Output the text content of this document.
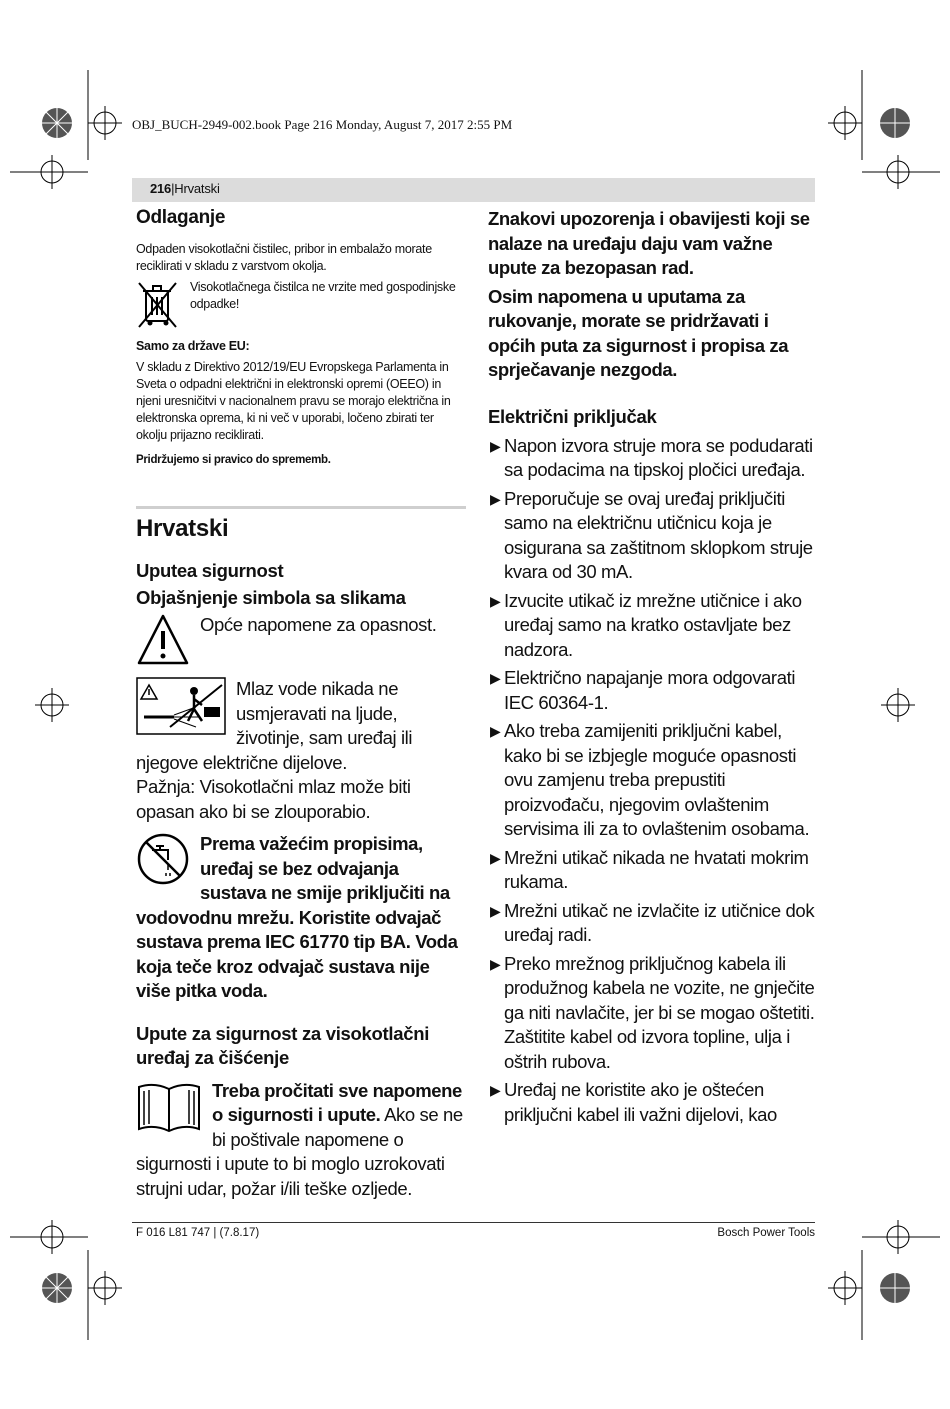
OBJ_BUCH-2949-002.book Page 216 Monday, August 7, 2017 2:55 PM
216|Hrvatski
Odlaganje

Odpaden visokotlačni čistilec, pribor in embalažo morate reciklirati v skladu z varstvom okolja.

Visokotlačnega čistilca ne vrzite med gospodinjske odpadke!

Samo za države EU:

V skladu z Direktivo 2012/19/EU Evropskega Parlamenta in Sveta o odpadni električni in elektronski opremi (OEEO) in njeni uresničitvi v nacionalnem pravu se morajo električna in elektronska oprema, ki ni več v uporabi, ločeno zbirati ter okolju prijazno reciklirati.

Pridržujemo si pravico do sprememb.

Hrvatski
Uputea sigurnost
Objašnjenje simbola sa slikama
Opće napomene za opasnost.
Mlaz vode nikada ne usmjeravati na ljude, životinje, sam uređaj ili njegove električne dijelove.
Pažnja: Visokotlačni mlaz može biti opasan ako bi se zlouporabio.
Prema važećim propisima, uređaj se bez odvajanja sustava ne smije priključiti na vodovodnu mrežu. Koristite odvajač sustava prema IEC 61770 tip BA. Voda koja teče kroz odvajač sustava nije više pitka voda.
Upute za sigurnost za visokotlačni uređaj za čišćenje
Treba pročitati sve napomene o sigurnosti i upute. Ako se ne bi poštivale napomene o sigurnosti i upute to bi moglo uzrokovati strujni udar, požar i/ili teške ozljede.

Znakovi upozorenja i obavijesti koji se nalaze na uređaju daju vam važne upute za bezopasan rad.

Osim napomena u uputama za rukovanje, morate se pridržavati i općih puta za sigurnost i propisa za sprječavanje nezgoda.

Električni priključak
▶ Napon izvora struje mora se podudarati sa podacima na tipskoj pločici uređaja.
▶ Preporučuje se ovaj uređaj priključiti samo na električnu utičnicu koja je osigurana sa zaštitnom sklopkom struje kvara od 30 mA.
▶ Izvucite utikač iz mrežne utičnice i ako uređaj samo na kratko ostavljate bez nadzora.
▶ Električno napajanje mora odgovarati IEC 60364-1.
▶ Ako treba zamijeniti priključni kabel, kako bi se izbjegle moguće opasnosti ovu zamjenu treba prepustiti proizvođaču, njegovim ovlaštenim servisima ili za to ovlaštenim osobama.
▶ Mrežni utikač nikada ne hvatati mokrim rukama.
▶ Mrežni utikač ne izvlačite iz utičnice dok uređaj radi.
▶ Preko mrežnog priključnog kabela ili produžnog kabela ne vozite, ne gnječite ga niti navlačite, jer bi se mogao oštetiti. Zaštitite kabel od izvora topline, ulja i oštrih rubova.
▶ Uređaj ne koristite ako je oštećen priključni kabel ili važni dijelovi, kao
F 016 L81 747 | (7.8.17)	Bosch Power Tools
